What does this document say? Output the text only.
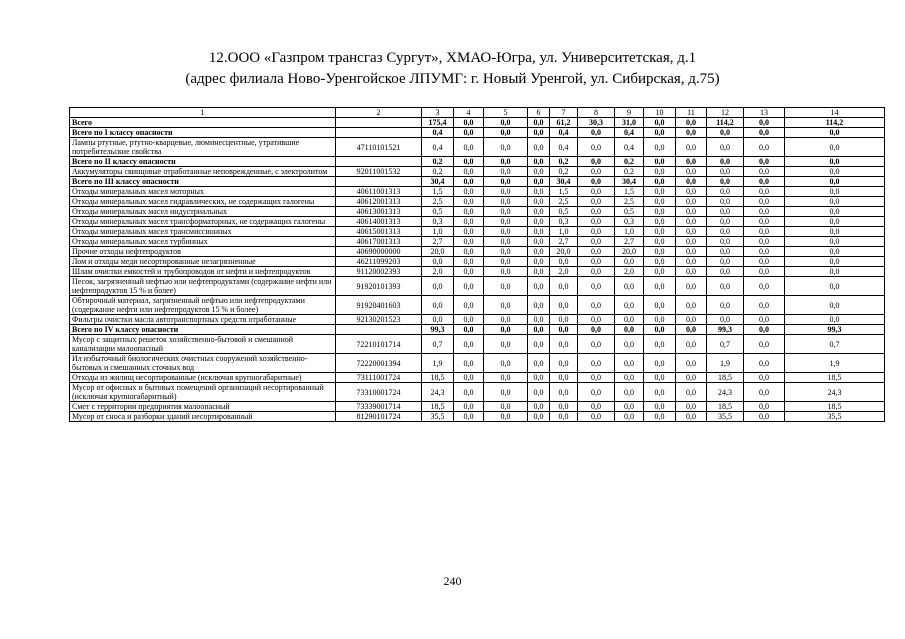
12.ООО «Газпром трансгаз Сургут», ХМАО-Югра, ул. Университетская, д.1
(адрес филиала Ново-Уренгойское ЛПУМГ: г. Новый Уренгой, ул. Сибирская, д.75)
1	2	3	4	5	6	7	8	9	10	11	12	13	14
Всего		175,4	0,0	0,0	0,0	61,2	30,3	31,0	0,0	0,0	114,2	0,0	114,2
Всего по I классу опасности		0,4	0,0	0,0	0,0	0,4	0,0	0,4	0,0	0,0	0,0	0,0	0,0
Лампы ртутные, ртутно-кварцевые, люминесцентные, утратившие потребительские свойства	47110101521	0,4	0,0	0,0	0,0	0,4	0,0	0,4	0,0	0,0	0,0	0,0	0,0
Всего по II классу опасности		0,2	0,0	0,0	0,0	0,2	0,0	0,2	0,0	0,0	0,0	0,0	0,0
Аккумуляторы свинцовые отработанные неповрежденные, с электролитом	92011001532	0,2	0,0	0,0	0,0	0,2	0,0	0,2	0,0	0,0	0,0	0,0	0,0
Всего по III классу опасности		30,4	0,0	0,0	0,0	30,4	0,0	30,4	0,0	0,0	0,0	0,0	0,0
Отходы минеральных масел моторных	40611001313	1,5	0,0	0,0	0,0	1,5	0,0	1,5	0,0	0,0	0,0	0,0	0,0
Отходы минеральных масел гидравлических, не содержащих галогены	40612001313	2,5	0,0	0,0	0,0	2,5	0,0	2,5	0,0	0,0	0,0	0,0	0,0
Отходы минеральных масел индустриальных	40613001313	0,5	0,0	0,0	0,0	0,5	0,0	0,5	0,0	0,0	0,0	0,0	0,0
Отходы минеральных масел трансформаторных, не содержащих галогены	40614001313	0,3	0,0	0,0	0,0	0,3	0,0	0,3	0,0	0,0	0,0	0,0	0,0
Отходы минеральных масел трансмиссионных	40615001313	1,0	0,0	0,0	0,0	1,0	0,0	1,0	0,0	0,0	0,0	0,0	0,0
Отходы минеральных масел турбинных	40617001313	2,7	0,0	0,0	0,0	2,7	0,0	2,7	0,0	0,0	0,0	0,0	0,0
Прочие отходы нефтепродуктов	40690000000	20,0	0,0	0,0	0,0	20,0	0,0	20,0	0,0	0,0	0,0	0,0	0,0
Лом и отходы меди несортированные незагрязненные	46211099203	0,0	0,0	0,0	0,0	0,0	0,0	0,0	0,0	0,0	0,0	0,0	0,0
Шлам очистки емкостей и трубопроводов от нефти и нефтепродуктов	91120002393	2,0	0,0	0,0	0,0	2,0	0,0	2,0	0,0	0,0	0,0	0,0	0,0
Песок, загрязненный нефтью или нефтепродуктами (содержание нефти или нефтепродуктов 15 % и более)	91920101393	0,0	0,0	0,0	0,0	0,0	0,0	0,0	0,0	0,0	0,0	0,0	0,0
Обтирочный материал, загрязненный нефтью или нефтепродуктами (содержание нефти или нефтепродуктов 15 % и более)	91920401603	0,0	0,0	0,0	0,0	0,0	0,0	0,0	0,0	0,0	0,0	0,0	0,0
Фильтры очистки масла автотранспортных средств отработанные	92130201523	0,0	0,0	0,0	0,0	0,0	0,0	0,0	0,0	0,0	0,0	0,0	0,0
Всего по IV классу опасности		99,3	0,0	0,0	0,0	0,0	0,0	0,0	0,0	0,0	99,3	0,0	99,3
Мусор с защитных решеток хозяйственно-бытовой и смешанной канализации малоопасный	72210101714	0,7	0,0	0,0	0,0	0,0	0,0	0,0	0,0	0,0	0,7	0,0	0,7
Ил избыточный биологических очистных сооружений хозяйственно-бытовых и смешанных сточных вод	72220001394	1,9	0,0	0,0	0,0	0,0	0,0	0,0	0,0	0,0	1,9	0,0	1,9
Отходы из жилищ несортированные (исключая крупногабаритные)	73111001724	18,5	0,0	0,0	0,0	0,0	0,0	0,0	0,0	0,0	18,5	0,0	18,5
Мусор от офисных и бытовых помещений организаций несортированный (исключая крупногабаритный)	73310001724	24,3	0,0	0,0	0,0	0,0	0,0	0,0	0,0	0,0	24,3	0,0	24,3
Смет с территории предприятия малоопасный	73339001714	18,5	0,0	0,0	0,0	0,0	0,0	0,0	0,0	0,0	18,5	0,0	18,5
Мусор от сноса и разборки зданий несортированный	81290101724	35,5	0,0	0,0	0,0	0,0	0,0	0,0	0,0	0,0	35,5	0,0	35,5
240
